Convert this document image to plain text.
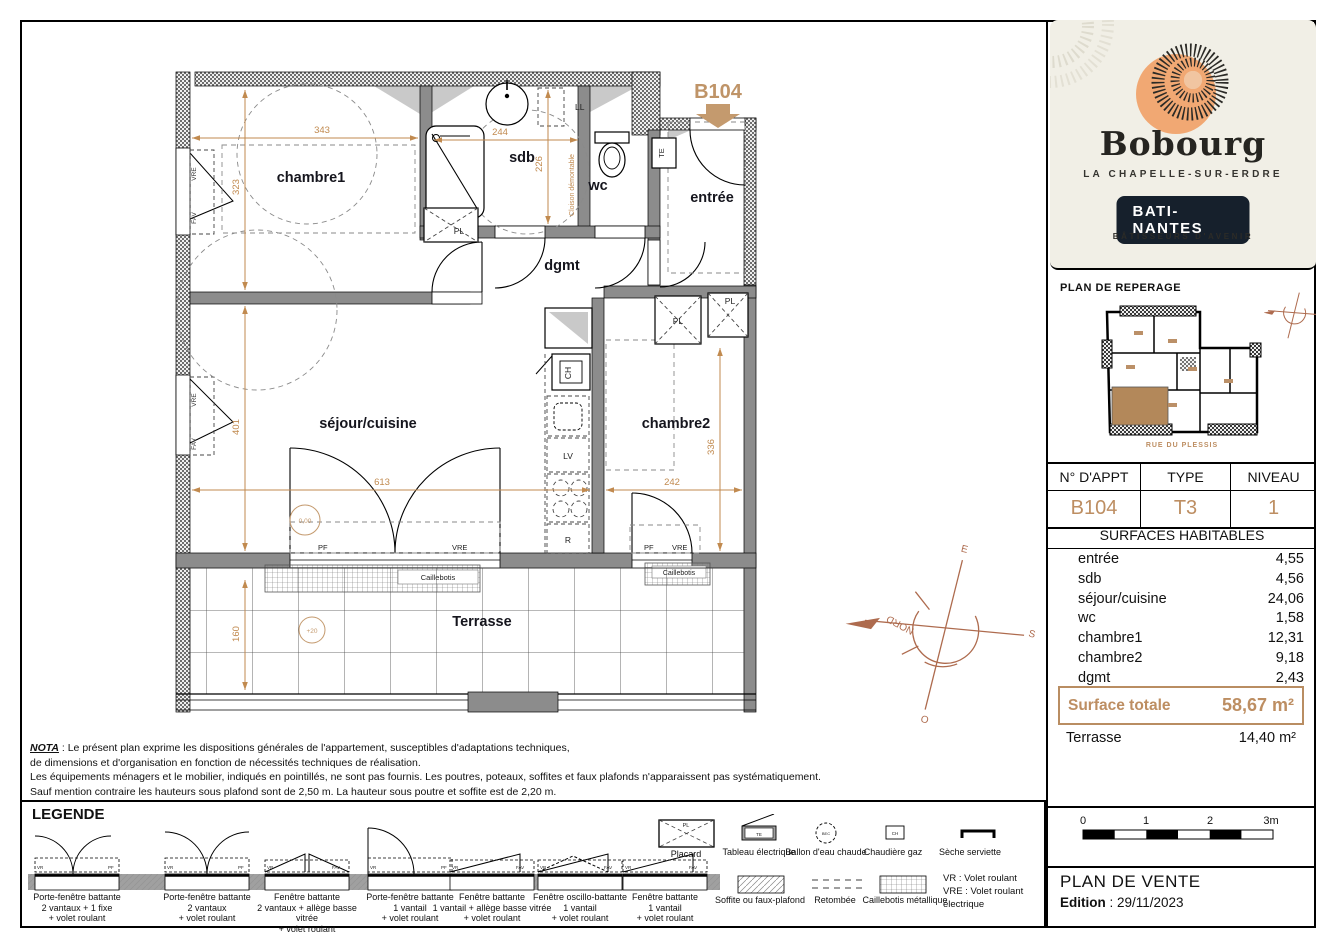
LL
TE
PL
PL
PL
CH
LV
R
343	244
323
226
401
613	242
336
160
0,00
+20
PF	VRE	PF VRE
VRE
FAV
VRE
FAV
Cloison démontable
chambre1
sdb
wc
entrée
dgmt
séjour/cuisine	chambre2
Terrasse
B104
NORD
E
S
O
NOTA : Le présent plan exprime les dispositions générales de l'appartement, susceptibles d'adaptations techniques,
de dimensions et d'organisation en fonction de nécessités techniques de réalisation.
Les équipements ménagers et le mobilier, indiqués en pointillés, ne sont pas fournis. Les poutres, poteaux, soffites et faux plafonds n'apparaissent pas systématiquement.
Sauf mention contraire les hauteurs sous plafond sont de 2,50 m. La hauteur sous poutre et soffite est de 2,20 m.
LEGENDE
VR	PF	VR	PF	VR	FAV	VR	PF VR	FAV	VR	FAV	VR	FAV
PL
TE	BEC	CH
Porte-fenêtre battante
2 vantaux + 1 fixe
+ volet roulant
Porte-fenêtre battante
2 vantaux
+ volet roulant
Fenêtre battante
2 vantaux + allège basse vitrée
+ volet roulant
Porte-fenêtre battante
1 vantail
+ volet roulant
Fenêtre battante
1 vantail + allège basse vitrée
+ volet roulant
Fenêtre oscillo-battante
1 vantail
+ volet roulant
Fenêtre battante
1 vantail
+ volet roulant
Placard	Tableau électrique
Ballon d'eau chaude
Chaudière gaz	Sèche serviette
Soffite ou faux-plafond	Retombée Caillebotis métallique
VR : Volet roulant
VRE : Volet roulant électrique
Bobourg
LA CHAPELLE-SUR-ERDRE
BATI-NANTES
BÂTISSEURS D'AVENIR
PLAN DE REPERAGE
RUE DU PLESSIS
N° D'APPT	TYPE	NIVEAU
B104	T3	1
SURFACES HABITABLES
entrée	4,55
sdb	4,56
séjour/cuisine	24,06
wc	1,58
chambre1	12,31
chambre2	9,18
dgmt	2,43
Surface totale	58,67 m²
Terrasse	14,40 m²
0	1	2	3m

PLAN DE VENTE

Edition : 29/11/2023
